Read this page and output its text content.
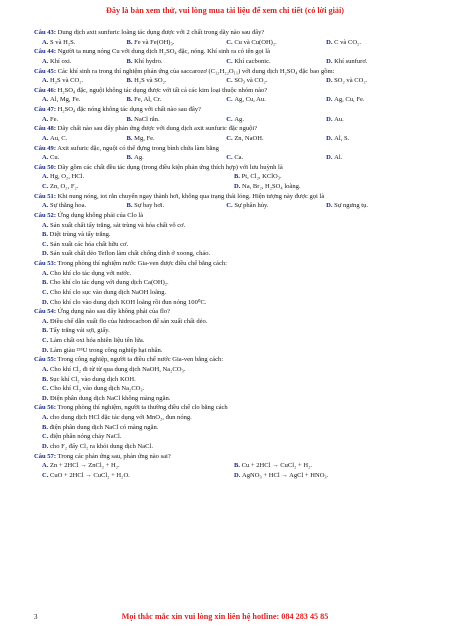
Đây là bản xem thử, vui lòng mua tài liệu để xem chi tiết (có lời giải)
Câu 43: Dung dịch axit sunfuric loãng tác dụng được với 2 chất trong dãy nào sau đây?
A. S và H₂S.	B. Fe và Fe(OH)₃.	C. Cu và Cu(OH)₂.	D. C và CO₂.
Câu 44: Người ta nung nóng Cu với dung dịch H₂SO₄ đặc, nóng. Khí sinh ra có tên gọi là
A. Khí oxi.	B. Khí hydro.	C. Khí cacbonic.	D. Khí sunfurơ.
Câu 45: Các khí sinh ra trong thí nghiệm phản ứng của saccarozơ (C₁₂H₂₂O₁₁) với dung dịch H₂SO₄ đặc bao gồm:
A. H₂S và CO₂.	B. H₂S và SO₂.	C. SO₃ và CO₂.	D. SO₂ và CO₂.
Câu 46: H₂SO₄ đặc, nguội không tác dụng được với tất cả các kim loại thuộc nhóm nào?
A. Al, Mg, Fe.	B. Fe, Al, Cr.	C. Ag, Cu, Au.	D. Ag, Cu, Fe.
Câu 47: H₂SO₄ đặc nóng không tác dụng với chất nào sau đây?
A. Fe.	B. NaCl rắn.	C. Ag.	D. Au.
Câu 48: Dãy chất nào sau đây phản ứng được với dung dịch axit sunfuric đặc nguội?
A. Au, C.	B. Mg, Fe.	C. Zn, NaOH.	D. Al, S.
Câu 49: Axit sufuric đặc, nguội có thể đựng trong bình chứa làm bằng
A. Cu.	B. Ag.	C. Ca.	D. Al.
Câu 50: Dãy gồm các chất đều tác dụng (trong điều kiện phản ứng thích hợp) với lưu huỳnh là
A. Hg, O₂, HCl.	B. Pt, Cl₂, KClO₃.
C. Zn, O₂, F₂.	D. Na, Br₂, H₂SO₄ loãng.
Câu 51: Khi nung nóng, iot rắn chuyển ngay thành hơi, không qua trạng thái lỏng. Hiện tượng này được gọi là
A. Sự thăng hoa.	B. Sự bay hơi.	C. Sự phân hủy.	D. Sự ngưng tụ.
Câu 52: Ứng dụng không phải của Clo là
A. Sản xuất chất tẩy trắng, sát trùng và hóa chất vô cơ.
B. Diệt trùng và tẩy trắng.
C. Sản xuất các hóa chất hữu cơ.
D. Sản xuất chất dẻo Teflon làm chất chống dính ở xoong, chảo.
Câu 53: Trong phòng thí nghiệm nước Gia-ven được điều chế bằng cách:
A. Cho khí clo tác dụng với nước.
B. Cho khí clo tác dụng với dung dịch Ca(OH)₂.
C. Cho khí clo sục vào dung dịch NaOH loãng.
D. Cho khí clo vào dung dịch KOH loãng rồi đun nóng 100⁰C.
Câu 54: Ứng dụng nào sau đây không phải của flo?
A. Điều chế dẫn xuất flo của hidrocacbon để sản xuất chất dẻo.
B. Tẩy trắng vải sợi, giấy.
C. Làm chất oxi hóa nhiên liệu tên lửa.
D. Làm giàu ²³⁵U trong công nghiệp hạt nhân.
Câu 55: Trong công nghiệp, người ta điều chế nước Gia-ven bằng cách:
A. Cho khí Cl₂ đi từ từ qua dung dịch NaOH, Na₂CO₃.
B. Sục khí Cl₂ vào dung dịch KOH.
C. Cho khí Cl₂ vào dung dịch Na₂CO₃.
D. Điện phân dung dịch NaCl không màng ngăn.
Câu 56: Trong phòng thí nghiệm, người ta thường điều chế clo bằng cách
A. cho dung dịch HCl đặc tác dụng với MnO₂, đun nóng.
B. điện phân dung dịch NaCl có màng ngăn.
C. điện phân nóng chảy NaCl.
D. cho F₂ đẩy Cl₂ ra khỏi dung dịch NaCl.
Câu 57: Trong các phản ứng sau, phản ứng nào sai?
A. Zn + 2HCl → ZnCl₂ + H₂.	B. Cu + 2HCl → CuCl₂ + H₂.
C. CuO + 2HCl → CuCl₂ + H₂O.	D. AgNO₃ + HCl → AgCl + HNO₃.
3	Mọi thắc mắc xin vui lòng xin liên hệ hotline: 084 283 45 85
